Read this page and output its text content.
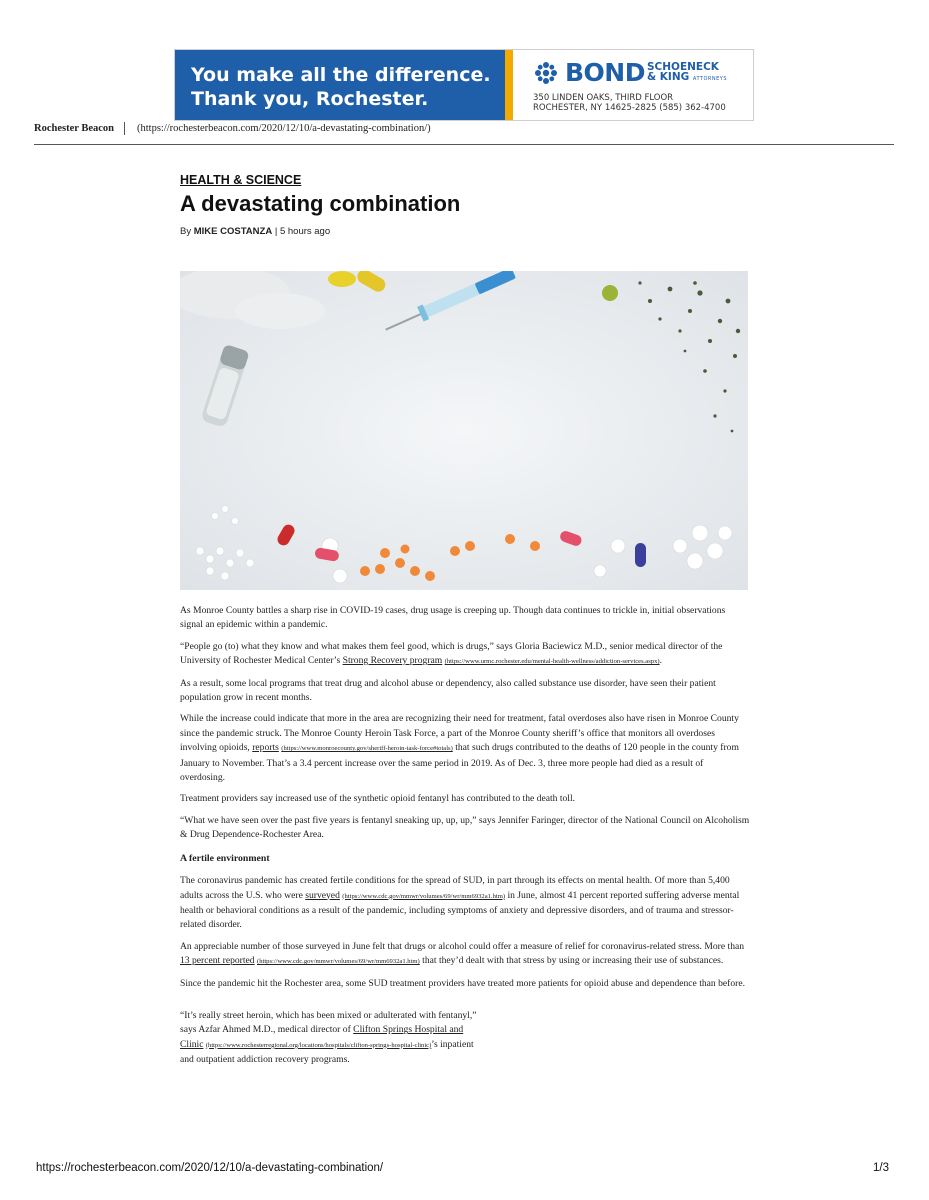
You make all the difference.
Thank you, Rochester.
BOND SCHOENECK
& KING ATTORNEYS
350 LINDEN OAKS, THIRD FLOOR
ROCHESTER, NY 14625-2825 (585) 362-4700
Rochester Beacon (https://rochesterbeacon.com/2020/12/10/a-devastating-combination/)
HEALTH & SCIENCE
A devastating combination
By MIKE COSTANZA | 5 hours ago

As Monroe County battles a sharp rise in COVID-19 cases, drug usage is creeping up. Though data continues to trickle in, initial observations signal an epidemic within a pandemic.

“People go (to) what they know and what makes them feel good, which is drugs,” says Gloria Baciewicz M.D., senior medical director of the University of Rochester Medical Center’s Strong Recovery program (https://www.urmc.rochester.edu/mental-health-wellness/addiction-services.aspx).

As a result, some local programs that treat drug and alcohol abuse or dependency, also called substance use disorder, have seen their patient population grow in recent months.

While the increase could indicate that more in the area are recognizing their need for treatment, fatal overdoses also have risen in Monroe County since the pandemic struck. The Monroe County Heroin Task Force, a part of the Monroe County sheriff’s office that monitors all overdoses involving opioids, reports (https://www.monroecounty.gov/sheriff-heroin-task-force#totals) that such drugs contributed to the deaths of 120 people in the county from January to November. That’s a 3.4 percent increase over the same period in 2019. As of Dec. 3, three more people had died as a result of overdosing.

Treatment providers say increased use of the synthetic opioid fentanyl has contributed to the death toll.

“What we have seen over the past five years is fentanyl sneaking up, up, up,” says Jennifer Faringer, director of the National Council on Alcoholism & Drug Dependence-Rochester Area.

A fertile environment

The coronavirus pandemic has created fertile conditions for the spread of SUD, in part through its effects on mental health. Of more than 5,400 adults across the U.S. who were surveyed (https://www.cdc.gov/mmwr/volumes/69/wr/mm6932a1.htm) in June, almost 41 percent reported suffering adverse mental health or behavioral conditions as a result of the pandemic, including symptoms of anxiety and depressive disorders, and of trauma and stressor-related disorder.

An appreciable number of those surveyed in June felt that drugs or alcohol could offer a measure of relief for coronavirus-related stress. More than 13 percent reported (https://www.cdc.gov/mmwr/volumes/69/wr/mm6932a1.htm) that they’d dealt with that stress by using or increasing their use of substances.

Since the pandemic hit the Rochester area, some SUD treatment providers have treated more patients for opioid abuse and dependence than before.

“It’s really street heroin, which has been mixed or adulterated with fentanyl,” says Azfar Ahmed M.D., medical director of Clifton Springs Hospital and Clinic (https://www.rochesterregional.org/locations/hospitals/clifton-springs-hospital-clinic)’s inpatient and outpatient addiction recovery programs.

https://rochesterbeacon.com/2020/12/10/a-devastating-combination/	1/3
